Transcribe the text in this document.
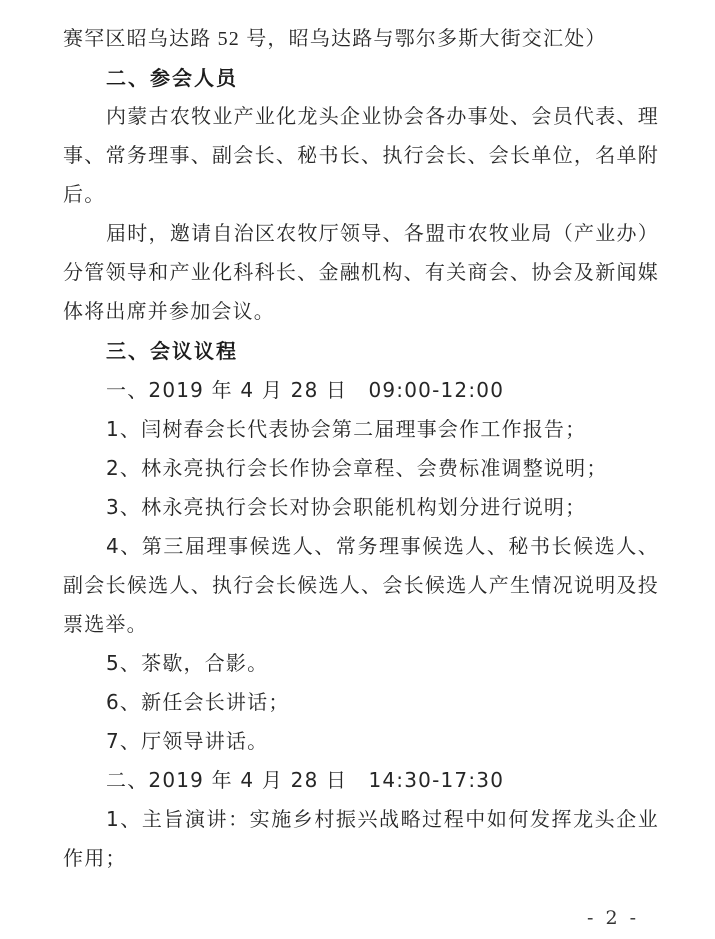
赛罕区昭乌达路 52 号，昭乌达路与鄂尔多斯大街交汇处）

二、参会人员

内蒙古农牧业产业化龙头企业协会各办事处、会员代表、理事、常务理事、副会长、秘书长、执行会长、会长单位，名单附后。

届时，邀请自治区农牧厅领导、各盟市农牧业局（产业办）分管领导和产业化科科长、金融机构、有关商会、协会及新闻媒体将出席并参加会议。

三、会议议程

一、2019 年 4 月 28 日　09:00-12:00

1、闫树春会长代表协会第二届理事会作工作报告；

2、林永亮执行会长作协会章程、会费标准调整说明；

3、林永亮执行会长对协会职能机构划分进行说明；

4、第三届理事候选人、常务理事候选人、秘书长候选人、副会长候选人、执行会长候选人、会长候选人产生情况说明及投票选举。

5、茶歇，合影。

6、新任会长讲话；

7、厅领导讲话。

二、2019 年 4 月 28 日　14:30-17:30

1、主旨演讲：实施乡村振兴战略过程中如何发挥龙头企业作用；

- 2 -
